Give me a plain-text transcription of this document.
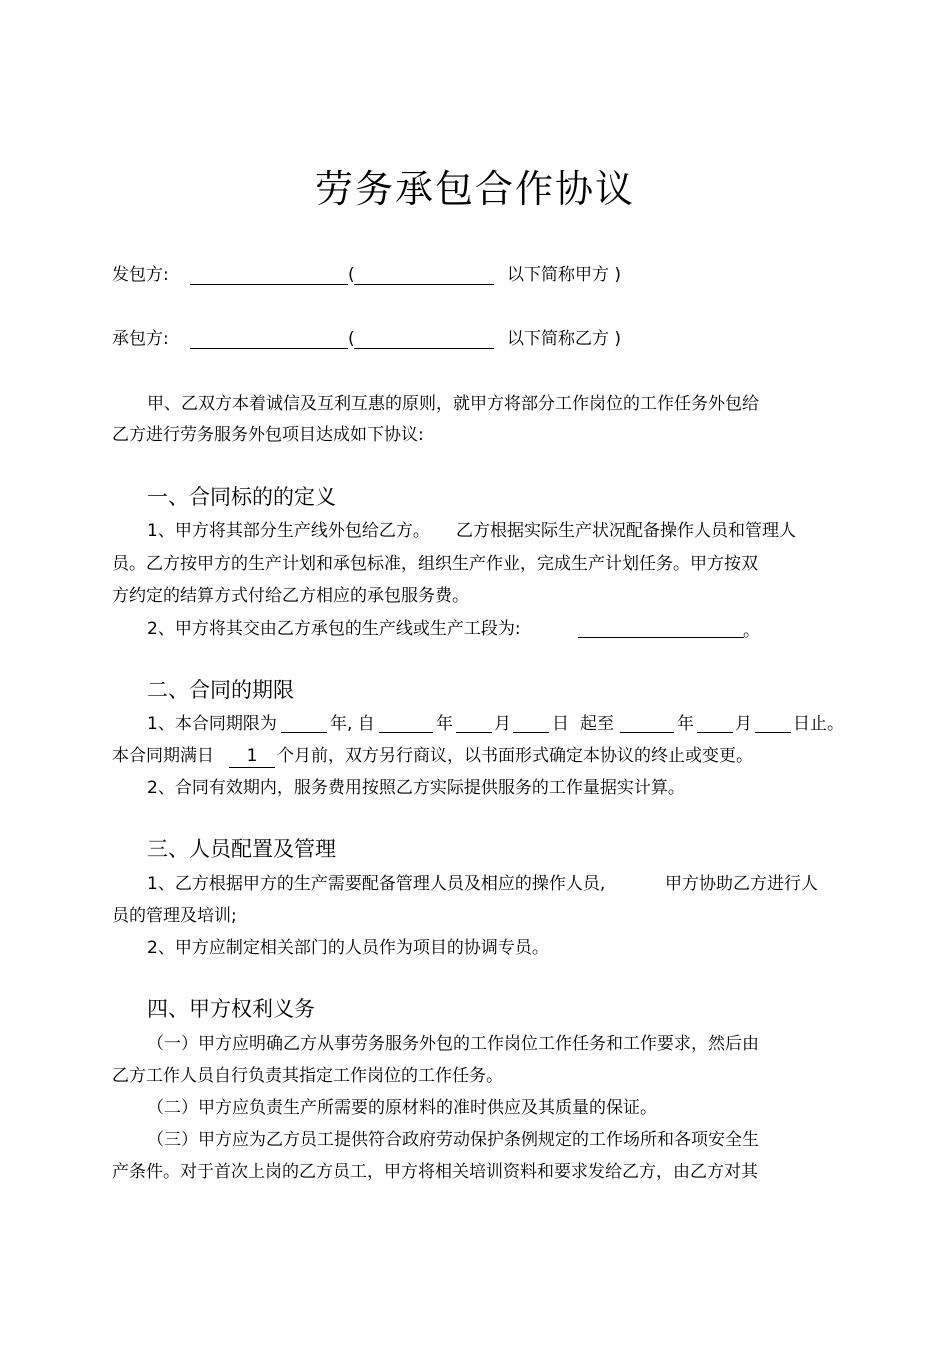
劳务承包合作协议
发包方:	(	以下简称甲方 )
承包方:	(	以下简称乙方 )
甲、乙双方本着诚信及互利互惠的原则，就甲方将部分工作岗位的工作任务外包给
乙方进行劳务服务外包项目达成如下协议:
一、合同标的的定义
1、甲方将其部分生产线外包给乙方。 乙方根据实际生产状况配备操作人员和管理人
员。乙方按甲方的生产计划和承包标准，组织生产作业，完成生产计划任务。甲方按双
方约定的结算方式付给乙方相应的承包服务费。
2、甲方将其交由乙方承包的生产线或生产工段为:	。
二、合同的期限
1、本合同期限为	年, 自	年 月 日 起至	年 月 日止。
本合同期满日	1	个月前，双方另行商议，以书面形式确定本协议的终止或变更。
2、合同有效期内，服务费用按照乙方实际提供服务的工作量据实计算。
三、人员配置及管理
1、乙方根据甲方的生产需要配备管理人员及相应的操作人员,	甲方协助乙方进行人
员的管理及培训;
2、甲方应制定相关部门的人员作为项目的协调专员。
四、甲方权利义务
（一）甲方应明确乙方从事劳务服务外包的工作岗位工作任务和工作要求，然后由
乙方工作人员自行负责其指定工作岗位的工作任务。
（二）甲方应负责生产所需要的原材料的准时供应及其质量的保证。
（三）甲方应为乙方员工提供符合政府劳动保护条例规定的工作场所和各项安全生
产条件。对于首次上岗的乙方员工，甲方将相关培训资料和要求发给乙方，由乙方对其
